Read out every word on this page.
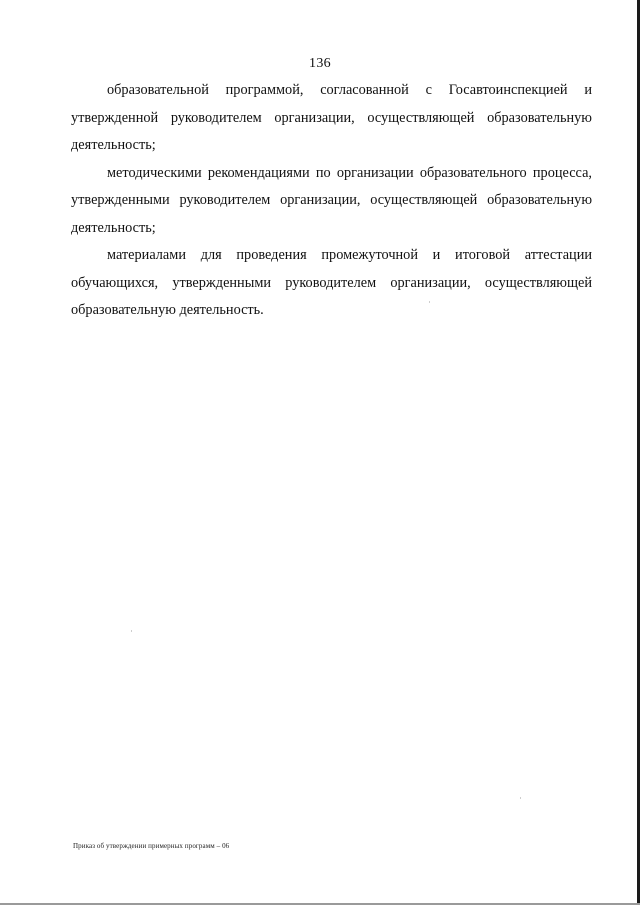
136

образовательной программой, согласованной с Госавтоинспекцией и утвержденной руководителем организации, осуществляющей образовательную деятельность;

методическими рекомендациями по организации образовательного процесса, утвержденными руководителем организации, осуществляющей образовательную деятельность;

материалами для проведения промежуточной и итоговой аттестации обучающихся, утвержденными руководителем организации, осуществляющей образовательную деятельность.

Приказ об утверждении примерных программ – 06
